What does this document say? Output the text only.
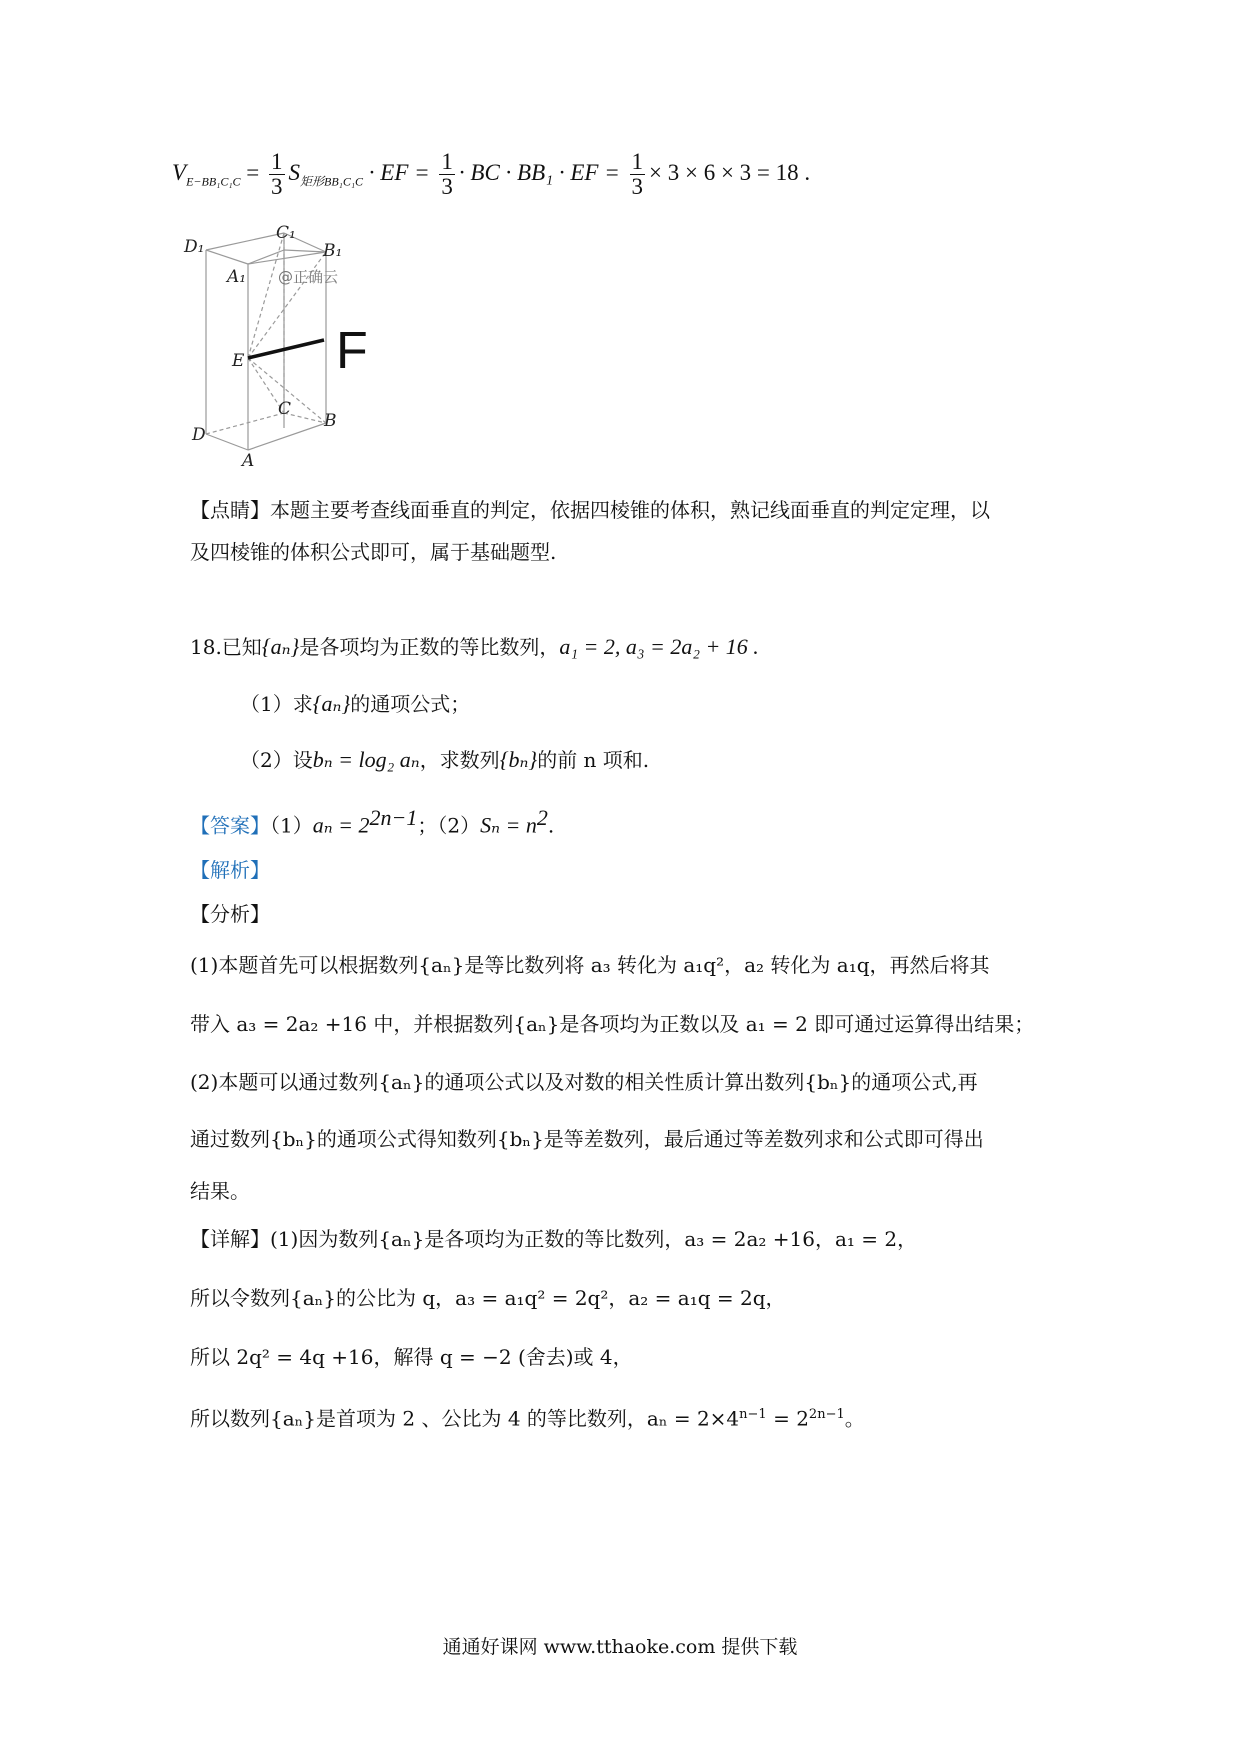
$V_{E-BB_1C_1C} = \frac{1}{3} S_{矩形BB_1C_1C}$ · EF = $\frac{1}{3}$ · BC · BB₁ · EF = $\frac{1}{3} \times 3 \times 6 \times 3 = 18$ .
C₁
D₁	B₁
A₁
E
C
B
D
A
F
@正确云
【点睛】本题主要考查线面垂直的判定，依据四棱锥的体积，熟记线面垂直的判定定理，以
及四棱锥的体积公式即可，属于基础题型.
18.已知{aₙ}是各项均为正数的等比数列，a₁ = 2, a₃ = 2a₂ + 16 .
（1）求{aₙ}的通项公式；
（2）设bₙ = log₂ aₙ，求数列{bₙ}的前 n 项和.
【答案】$(1)a_n = 2^{2n-1}$；$(2)S_n = n^2$.
【解析】
【分析】
(1)本题首先可以根据数列{aₙ}是等比数列将 a₃ 转化为 a₁q²，a₂ 转化为 a₁q，再然后将其
带入 a₃ = 2a₂ +16 中，并根据数列{aₙ}是各项均为正数以及 a₁ = 2 即可通过运算得出结果；
(2)本题可以通过数列{aₙ}的通项公式以及对数的相关性质计算出数列{bₙ}的通项公式,再
通过数列{bₙ}的通项公式得知数列{bₙ}是等差数列，最后通过等差数列求和公式即可得出
结果。
【详解】(1)因为数列{aₙ}是各项均为正数的等比数列，a₃ = 2a₂ +16，a₁ = 2，
所以令数列{aₙ}的公比为 q，a₃ = a₁q² = 2q²，a₂ = a₁q = 2q，
所以 2q² = 4q +16，解得 q = −2 (舍去)或 4，
所以数列{aₙ}是首项为 2 、公比为 4 的等比数列，$a_n = 2\times 4^{n-1} = 2^{2n-1}$。
通通好课网 www.tthaoke.com 提供下载
